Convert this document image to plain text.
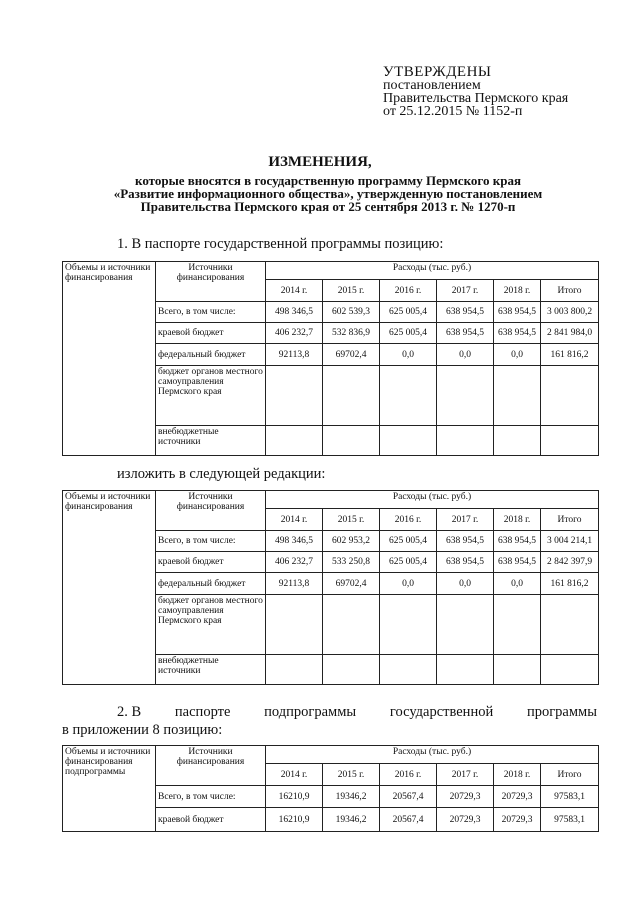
УТВЕРЖДЕНЫ
постановлением
Правительства Пермского края
от 25.12.2015 № 1152-п
ИЗМЕНЕНИЯ,
которые вносятся в государственную программу Пермского края
«Развитие информационного общества», утвержденную постановлением
Правительства Пермского края от 25 сентября 2013 г. № 1270-п
1. В паспорте государственной программы позицию:
Объемы и источники финансирования	Источники финансирования	Расходы (тыс. руб.)					
		2014 г.	2015 г.	2016 г.	2017 г.	2018 г.	Итого
	Всего, в том числе:	498 346,5	602 539,3	625 005,4	638 954,5	638 954,5	3 003 800,2
	краевой бюджет	406 232,7	532 836,9	625 005,4	638 954,5	638 954,5	2 841 984,0
	федеральный бюджет	92113,8	69702,4	0,0	0,0	0,0	161 816,2
	бюджет органов местного самоуправления Пермского края						
	внебюджетные источники						
изложить в следующей редакции:
Объемы и источники финансирования	Источники финансирования	Расходы (тыс. руб.)					
		2014 г.	2015 г.	2016 г.	2017 г.	2018 г.	Итого
	Всего, в том числе:	498 346,5	602 953,2	625 005,4	638 954,5	638 954,5	3 004 214,1
	краевой бюджет	406 232,7	533 250,8	625 005,4	638 954,5	638 954,5	2 842 397,9
	федеральный бюджет	92113,8	69702,4	0,0	0,0	0,0	161 816,2
	бюджет органов местного самоуправления Пермского края						
	внебюджетные источники						
2. В паспорте подпрограммы государственной программы
в приложении 8 позицию:
Объемы и источники финансирования подпрограммы	Источники финансирования	Расходы (тыс. руб.)					
		2014 г.	2015 г.	2016 г.	2017 г.	2018 г.	Итого
	Всего, в том числе:	16210,9	19346,2	20567,4	20729,3	20729,3	97583,1
	краевой бюджет	16210,9	19346,2	20567,4	20729,3	20729,3	97583,1
